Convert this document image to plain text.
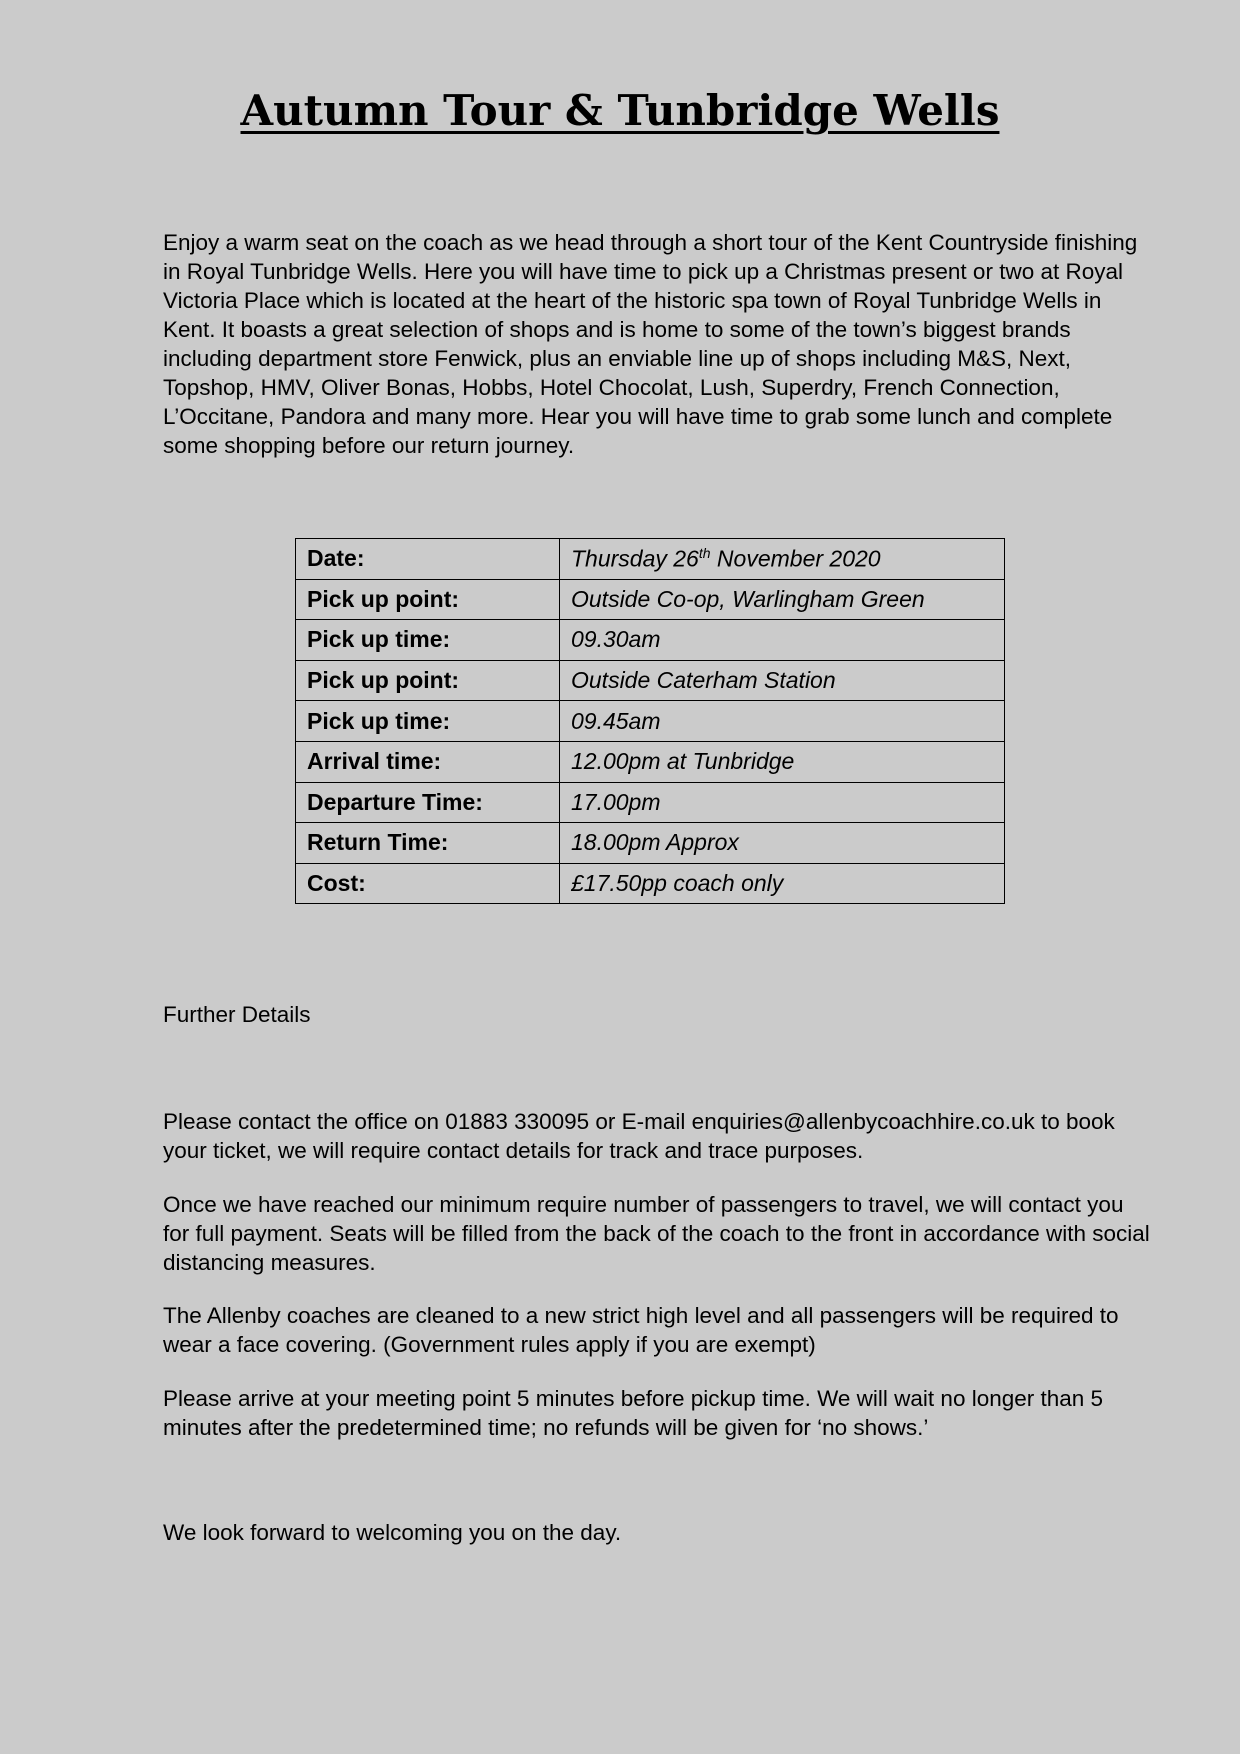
Autumn Tour & Tunbridge Wells

Enjoy a warm seat on the coach as we head through a short tour of the Kent Countryside finishing in Royal Tunbridge Wells. Here you will have time to pick up a Christmas present or two at Royal Victoria Place which is located at the heart of the historic spa town of Royal Tunbridge Wells in Kent. It boasts a great selection of shops and is home to some of the town’s biggest brands including department store Fenwick, plus an enviable line up of shops including M&S, Next, Topshop, HMV, Oliver Bonas, Hobbs, Hotel Chocolat, Lush, Superdry, French Connection, L’Occitane, Pandora and many more. Hear you will have time to grab some lunch and complete some shopping before our return journey.

Date:	Thursday 26th November 2020
Pick up point:	Outside Co-op, Warlingham Green
Pick up time:	09.30am
Pick up point:	Outside Caterham Station
Pick up time:	09.45am
Arrival time:	12.00pm at Tunbridge
Departure Time:	17.00pm
Return Time:	18.00pm Approx
Cost:	£17.50pp coach only

Further Details

Please contact the office on 01883 330095 or E-mail enquiries@allenbycoachhire.co.uk to book your ticket, we will require contact details for track and trace purposes.

Once we have reached our minimum require number of passengers to travel, we will contact you for full payment. Seats will be filled from the back of the coach to the front in accordance with social distancing measures.

The Allenby coaches are cleaned to a new strict high level and all passengers will be required to wear a face covering. (Government rules apply if you are exempt)

Please arrive at your meeting point 5 minutes before pickup time. We will wait no longer than 5 minutes after the predetermined time; no refunds will be given for ‘no shows.’

We look forward to welcoming you on the day.
